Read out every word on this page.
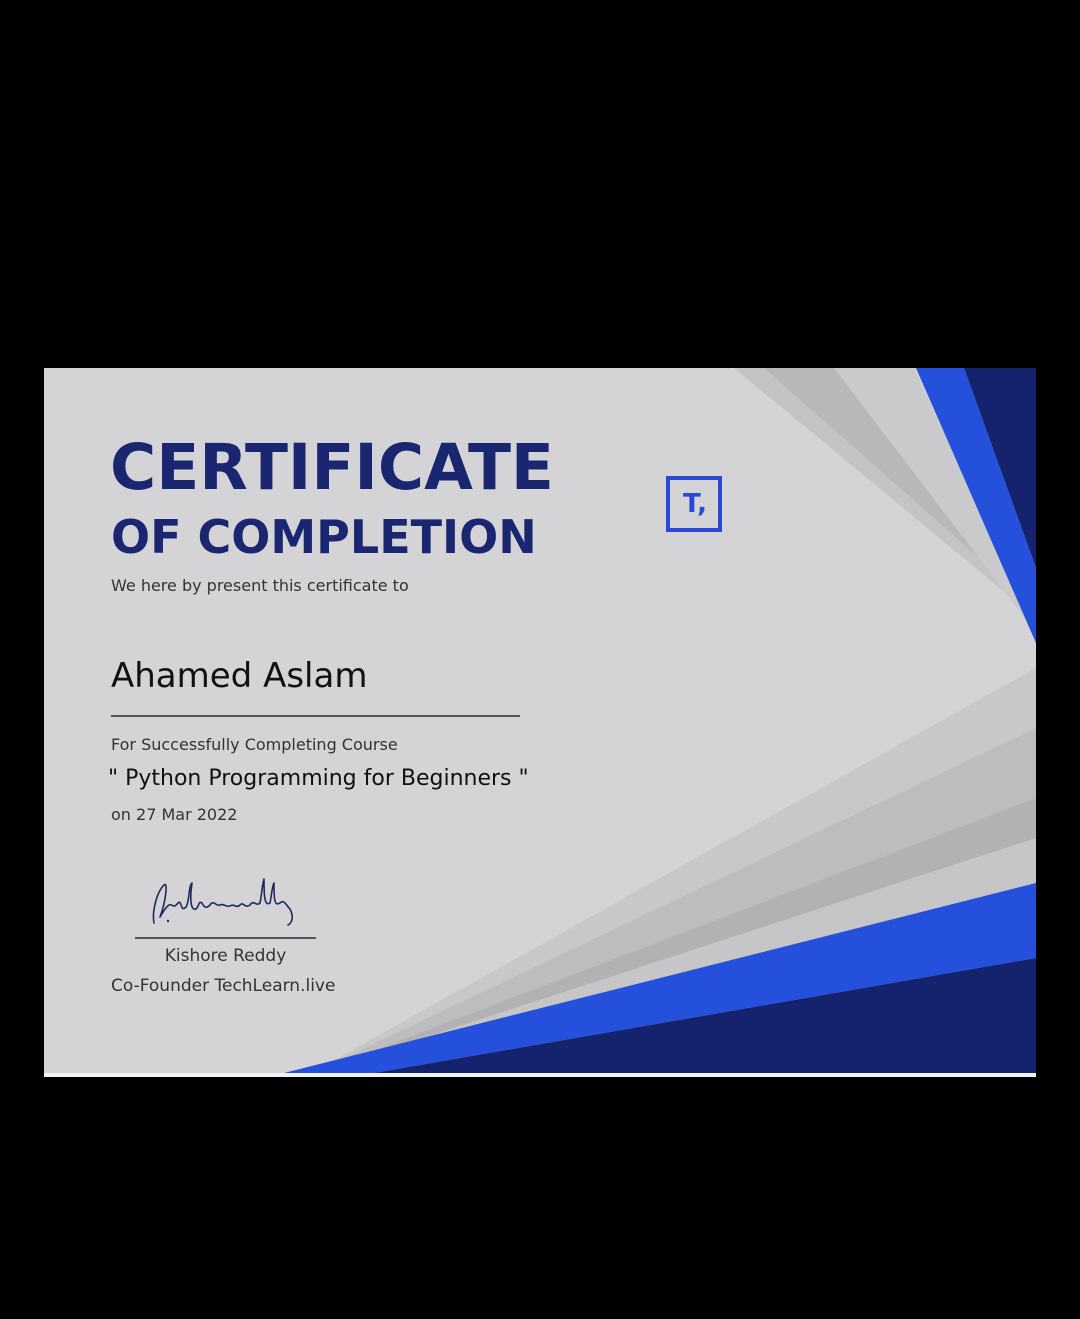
CERTIFICATE
OF COMPLETION
We here by present this certificate to
Ahamed Aslam
For Successfully Completing Course
" Python Programming for Beginners "
on 27 Mar 2022
Kishore Reddy
Co-Founder TechLearn.live
T,
